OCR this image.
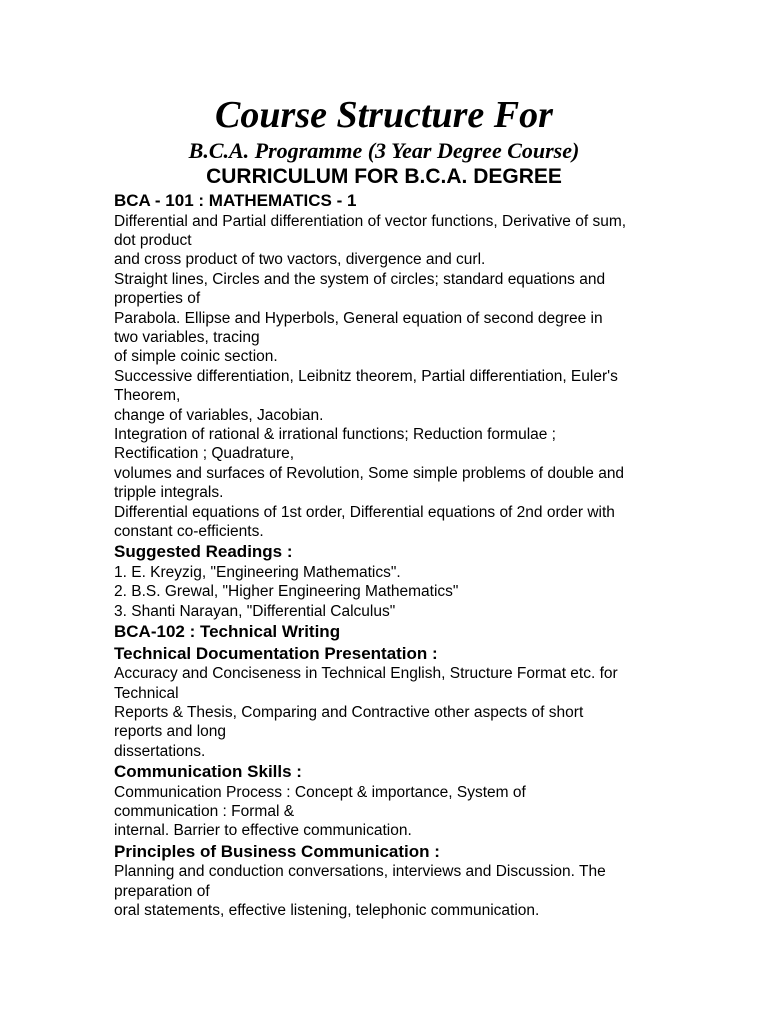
Course Structure For
B.C.A. Programme (3 Year Degree Course)
CURRICULUM FOR B.C.A. DEGREE

BCA - 101 : MATHEMATICS - 1

Differential and Partial differentiation of vector functions, Derivative of sum,

dot product

and cross product of two vactors, divergence and curl.

Straight lines, Circles and the system of circles; standard equations and

properties of

Parabola. Ellipse and Hyperbols, General equation of second degree in

two variables, tracing

of simple coinic section.

Successive differentiation, Leibnitz theorem, Partial differentiation, Euler's

Theorem,

change of variables, Jacobian.

Integration of rational & irrational functions; Reduction formulae ;

Rectification ; Quadrature,

volumes and surfaces of Revolution, Some simple problems of double and

tripple integrals.

Differential equations of 1st order, Differential equations of 2nd order with

constant co-efficients.

Suggested Readings :

1. E. Kreyzig, "Engineering Mathematics".

2. B.S. Grewal, "Higher Engineering Mathematics"

3. Shanti Narayan, "Differential Calculus"

BCA-102 : Technical Writing

Technical Documentation Presentation :

Accuracy and Conciseness in Technical English, Structure Format etc. for

Technical

Reports & Thesis, Comparing and Contractive other aspects of short

reports and long

dissertations.

Communication Skills :

Communication Process : Concept & importance, System of

communication : Formal &

internal. Barrier to effective communication.

Principles of Business Communication :

Planning and conduction conversations, interviews and Discussion. The

preparation of

oral statements, effective listening, telephonic communication.
